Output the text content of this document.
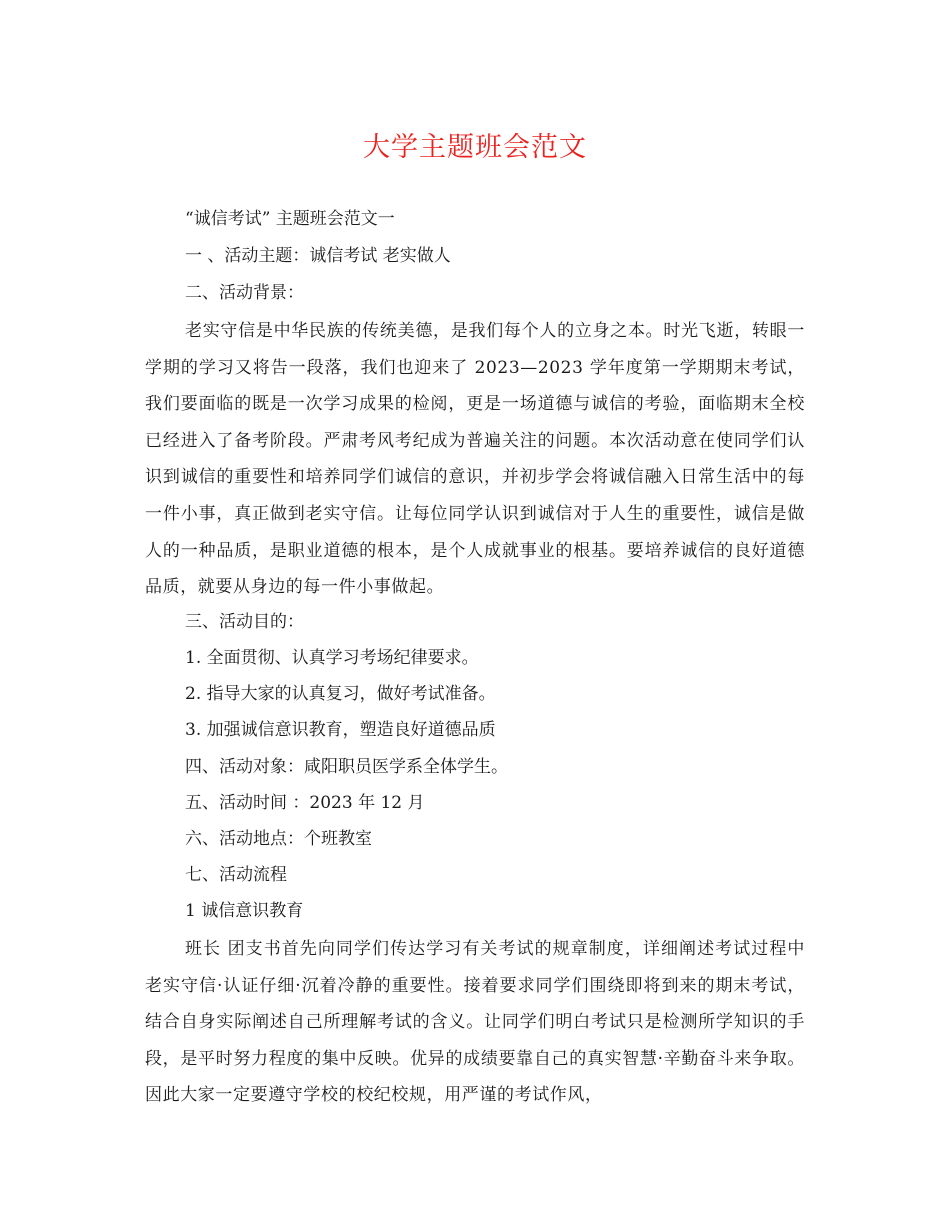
大学主题班会范文
“诚信考试” 主题班会范文一
一 、活动主题：诚信考试 老实做人
二、活动背景：
老实守信是中华民族的传统美德，是我们每个人的立身之本。时光飞逝，转眼一学期的学习又将告一段落，我们也迎来了 2023—2023 学年度第一学期期末考试，我们要面临的既是一次学习成果的检阅，更是一场道德与诚信的考验，面临期末全校已经进入了备考阶段。严肃考风考纪成为普遍关注的问题。本次活动意在使同学们认识到诚信的重要性和培养同学们诚信的意识，并初步学会将诚信融入日常生活中的每一件小事，真正做到老实守信。让每位同学认识到诚信对于人生的重要性，诚信是做人的一种品质，是职业道德的根本，是个人成就事业的根基。要培养诚信的良好道德品质，就要从身边的每一件小事做起。
三、活动目的：
1. 全面贯彻、认真学习考场纪律要求。
2. 指导大家的认真复习，做好考试准备。
3. 加强诚信意识教育，塑造良好道德品质
四、活动对象：咸阳职员医学系全体学生。
五、活动时间 ：2023 年 12 月
六、活动地点：个班教室
七、活动流程
1 诚信意识教育
班长 团支书首先向同学们传达学习有关考试的规章制度，详细阐述考试过程中老实守信·认证仔细·沉着冷静的重要性。接着要求同学们围绕即将到来的期末考试，结合自身实际阐述自己所理解考试的含义。让同学们明白考试只是检测所学知识的手段，是平时努力程度的集中反映。优异的成绩要靠自己的真实智慧·辛勤奋斗来争取。因此大家一定要遵守学校的校纪校规，用严谨的考试作风，
